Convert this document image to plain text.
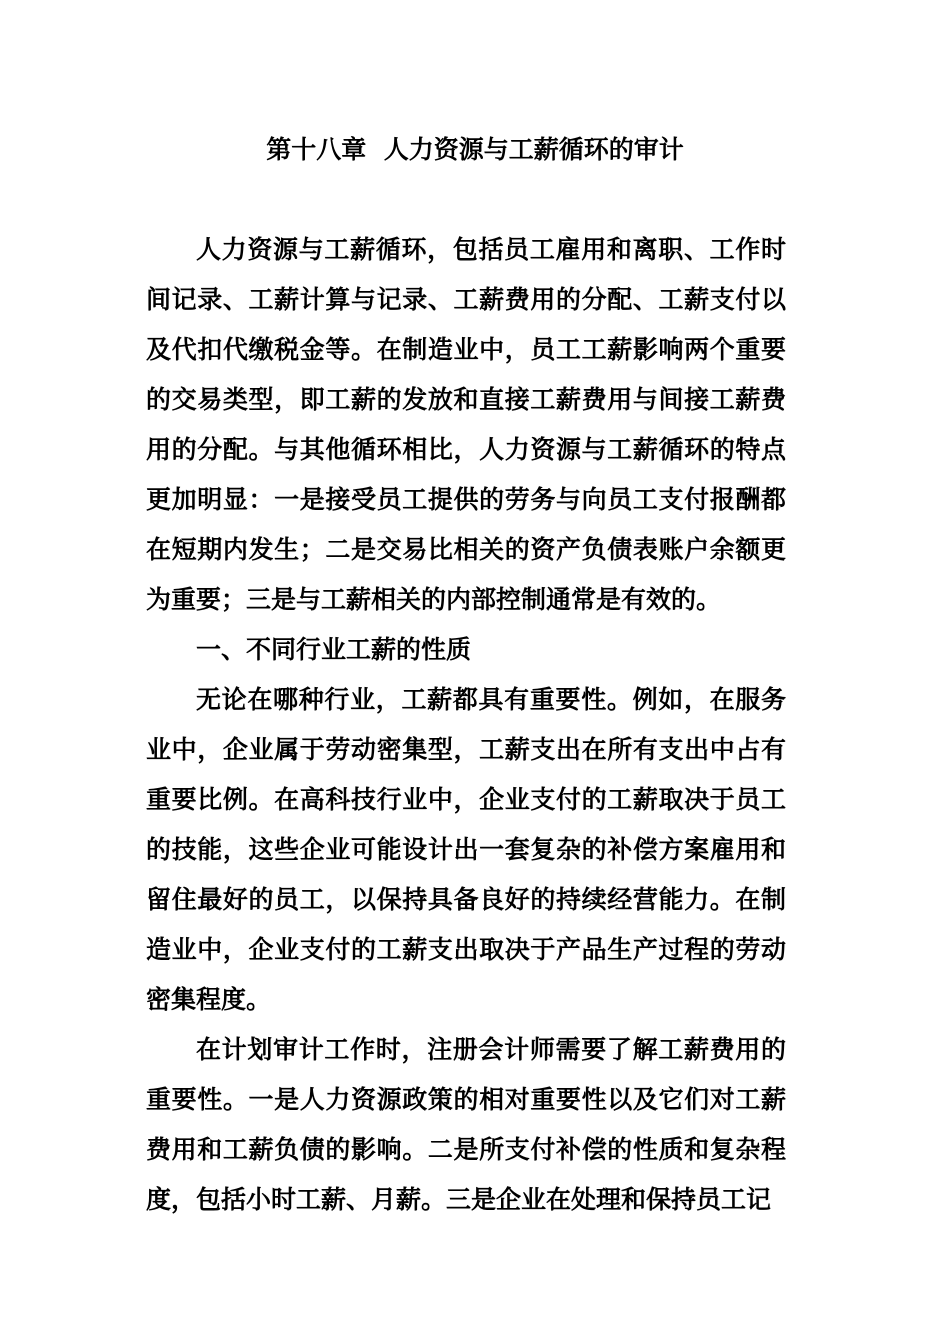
第十八章  人力资源与工薪循环的审计

人力资源与工薪循环，包括员工雇用和离职、工作时间记录、工薪计算与记录、工薪费用的分配、工薪支付以及代扣代缴税金等。在制造业中，员工工薪影响两个重要的交易类型，即工薪的发放和直接工薪费用与间接工薪费用的分配。与其他循环相比，人力资源与工薪循环的特点更加明显：一是接受员工提供的劳务与向员工支付报酬都在短期内发生；二是交易比相关的资产负债表账户余额更为重要；三是与工薪相关的内部控制通常是有效的。

一、不同行业工薪的性质

无论在哪种行业，工薪都具有重要性。例如，在服务业中，企业属于劳动密集型，工薪支出在所有支出中占有重要比例。在高科技行业中，企业支付的工薪取决于员工的技能，这些企业可能设计出一套复杂的补偿方案雇用和留住最好的员工，以保持具备良好的持续经营能力。在制造业中，企业支付的工薪支出取决于产品生产过程的劳动密集程度。

在计划审计工作时，注册会计师需要了解工薪费用的重要性。一是人力资源政策的相对重要性以及它们对工薪费用和工薪负债的影响。二是所支付补偿的性质和复杂程度，包括小时工薪、月薪。三是企业在处理和保持员工记
